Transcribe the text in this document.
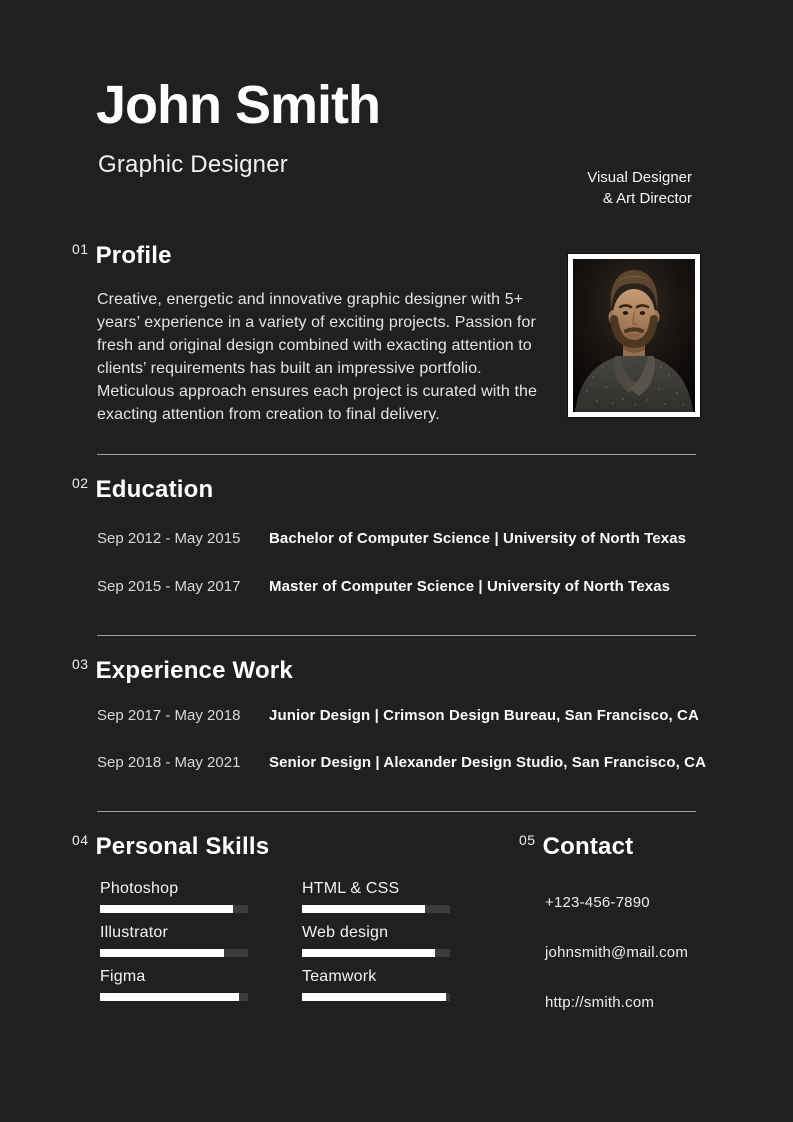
John Smith
Graphic Designer	Visual Designer
& Art Director
01 Profile
Creative, energetic and innovative graphic designer with 5+ years’ experience in a variety of exciting projects. Passion for fresh and original design combined with exacting attention to clients’ requirements has built an impressive portfolio. Meticulous approach ensures each project is curated with the exacting attention from creation to final delivery.
02 Education
Sep 2012 - May 2015	Bachelor of Computer Science | University of North Texas
Sep 2015 - May 2017	Master of Computer Science | University of North Texas
03 Experience Work
Sep 2017 - May 2018	Junior Design | Crimson Design Bureau, San Francisco, CA
Sep 2018 - May 2021	Senior Design | Alexander Design Studio, San Francisco, CA
04 Personal Skills
Photoshop	HTML & CSS
Illustrator	Web design
Figma	Teamwork
05 Contact
+123-456-7890
johnsmith@mail.com
http://smith.com
